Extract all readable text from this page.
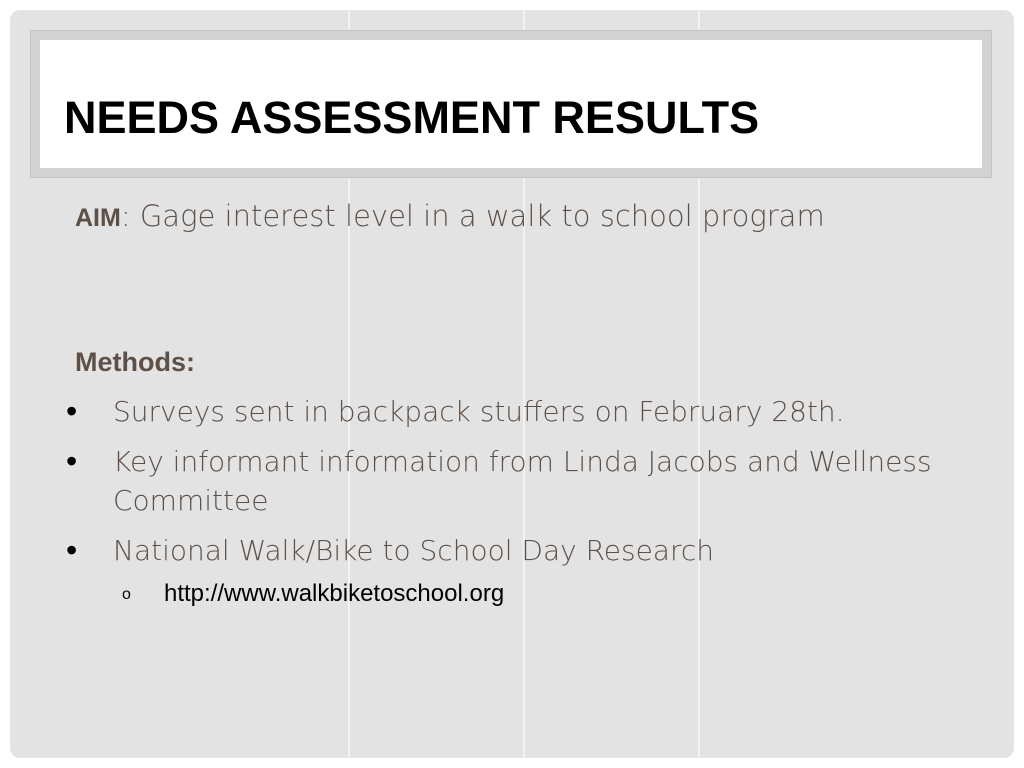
NEEDS ASSESSMENT RESULTS
AIM: Gage interest level in a walk to school program
Methods:
• Surveys sent in backpack stuffers on February 28th.
• Key informant information from Linda Jacobs and Wellness Committee
• National Walk/Bike to School Day Research
o http://www.walkbiketoschool.org
